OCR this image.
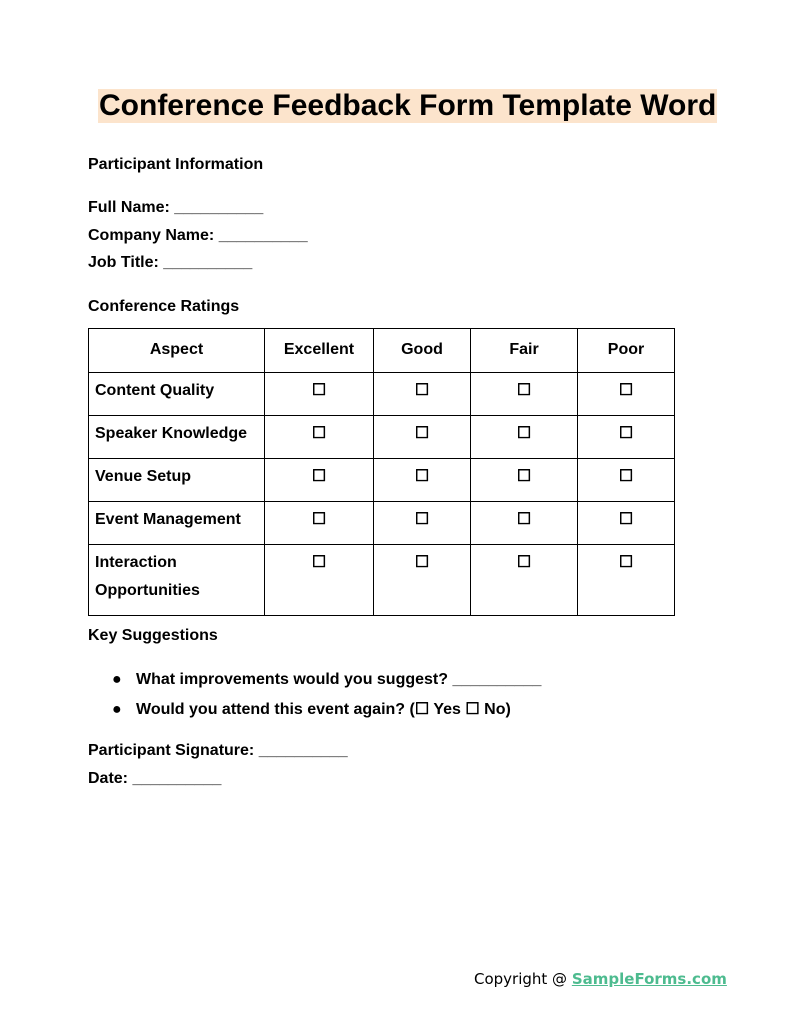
Conference Feedback Form Template Word
Participant Information
Full Name: __________
Company Name: __________
Job Title: __________
Conference Ratings
Aspect	Excellent	Good	Fair	Poor
Content Quality	☐	☐	☐	☐
Speaker Knowledge	☐	☐	☐	☐
Venue Setup	☐	☐	☐	☐
Event Management	☐	☐	☐	☐
Interaction Opportunities	☐	☐	☐	☐
Key Suggestions
● What improvements would you suggest? __________
● Would you attend this event again? (☐ Yes ☐ No)
Participant Signature: __________
Date: __________
Copyright @ SampleForms.com
